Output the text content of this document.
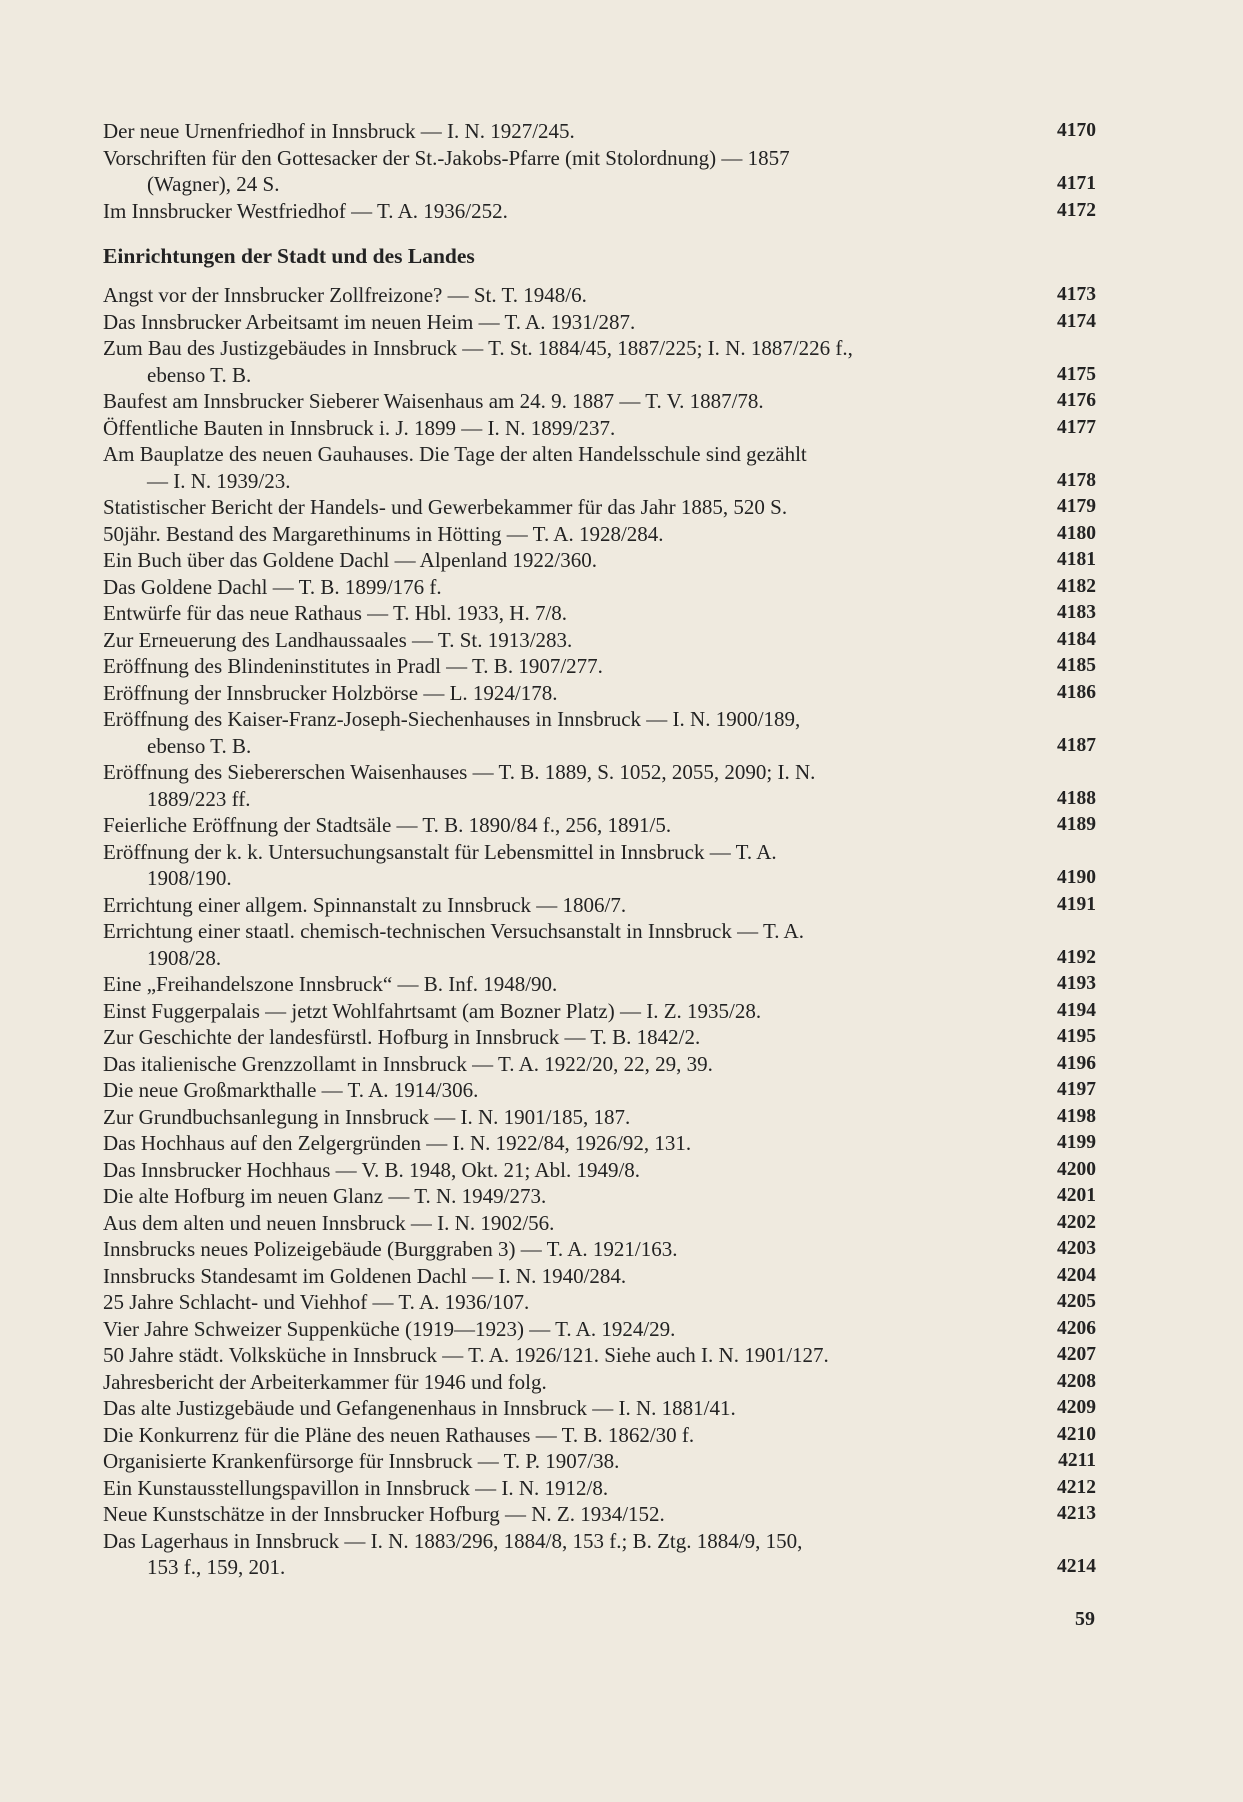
Der neue Urnenfriedhof in Innsbruck — I. N. 1927/245.	4170
Vorschriften für den Gottesacker der St.-Jakobs-Pfarre (mit Stolordnung) — 1857
(Wagner), 24 S.	4171
Im Innsbrucker Westfriedhof — T. A. 1936/252.	4172
Einrichtungen der Stadt und des Landes
Angst vor der Innsbrucker Zollfreizone? — St. T. 1948/6.	4173
Das Innsbrucker Arbeitsamt im neuen Heim — T. A. 1931/287.	4174
Zum Bau des Justizgebäudes in Innsbruck — T. St. 1884/45, 1887/225; I. N. 1887/226 f.,
ebenso T. B.	4175
Baufest am Innsbrucker Sieberer Waisenhaus am 24. 9. 1887 — T. V. 1887/78.	4176
Öffentliche Bauten in Innsbruck i. J. 1899 — I. N. 1899/237.	4177
Am Bauplatze des neuen Gauhauses. Die Tage der alten Handelsschule sind gezählt
— I. N. 1939/23.	4178
Statistischer Bericht der Handels- und Gewerbekammer für das Jahr 1885, 520 S.	4179
50jähr. Bestand des Margarethinums in Hötting — T. A. 1928/284.	4180
Ein Buch über das Goldene Dachl — Alpenland 1922/360.	4181
Das Goldene Dachl — T. B. 1899/176 f.	4182
Entwürfe für das neue Rathaus — T. Hbl. 1933, H. 7/8.	4183
Zur Erneuerung des Landhaussaales — T. St. 1913/283.	4184
Eröffnung des Blindeninstitutes in Pradl — T. B. 1907/277.	4185
Eröffnung der Innsbrucker Holzbörse — L. 1924/178.	4186
Eröffnung des Kaiser-Franz-Joseph-Siechenhauses in Innsbruck — I. N. 1900/189,
ebenso T. B.	4187
Eröffnung des Siebererschen Waisenhauses — T. B. 1889, S. 1052, 2055, 2090; I. N.
1889/223 ff.	4188
Feierliche Eröffnung der Stadtsäle — T. B. 1890/84 f., 256, 1891/5.	4189
Eröffnung der k. k. Untersuchungsanstalt für Lebensmittel in Innsbruck — T. A.
1908/190.	4190
Errichtung einer allgem. Spinnanstalt zu Innsbruck — 1806/7.	4191
Errichtung einer staatl. chemisch-technischen Versuchsanstalt in Innsbruck — T. A.
1908/28.	4192
Eine „Freihandelszone Innsbruck“ — B. Inf. 1948/90.	4193
Einst Fuggerpalais — jetzt Wohlfahrtsamt (am Bozner Platz) — I. Z. 1935/28.	4194
Zur Geschichte der landesfürstl. Hofburg in Innsbruck — T. B. 1842/2.	4195
Das italienische Grenzzollamt in Innsbruck — T. A. 1922/20, 22, 29, 39.	4196
Die neue Großmarkthalle — T. A. 1914/306.	4197
Zur Grundbuchsanlegung in Innsbruck — I. N. 1901/185, 187.	4198
Das Hochhaus auf den Zelgergründen — I. N. 1922/84, 1926/92, 131.	4199
Das Innsbrucker Hochhaus — V. B. 1948, Okt. 21; Abl. 1949/8.	4200
Die alte Hofburg im neuen Glanz — T. N. 1949/273.	4201
Aus dem alten und neuen Innsbruck — I. N. 1902/56.	4202
Innsbrucks neues Polizeigebäude (Burggraben 3) — T. A. 1921/163.	4203
Innsbrucks Standesamt im Goldenen Dachl — I. N. 1940/284.	4204
25 Jahre Schlacht- und Viehhof — T. A. 1936/107.	4205
Vier Jahre Schweizer Suppenküche (1919—1923) — T. A. 1924/29.	4206
50 Jahre städt. Volksküche in Innsbruck — T. A. 1926/121. Siehe auch I. N. 1901/127.	4207
Jahresbericht der Arbeiterkammer für 1946 und folg.	4208
Das alte Justizgebäude und Gefangenenhaus in Innsbruck — I. N. 1881/41.	4209
Die Konkurrenz für die Pläne des neuen Rathauses — T. B. 1862/30 f.	4210
Organisierte Krankenfürsorge für Innsbruck — T. P. 1907/38.	4211
Ein Kunstausstellungspavillon in Innsbruck — I. N. 1912/8.	4212
Neue Kunstschätze in der Innsbrucker Hofburg — N. Z. 1934/152.	4213
Das Lagerhaus in Innsbruck — I. N. 1883/296, 1884/8, 153 f.; B. Ztg. 1884/9, 150,
153 f., 159, 201.	4214
59
